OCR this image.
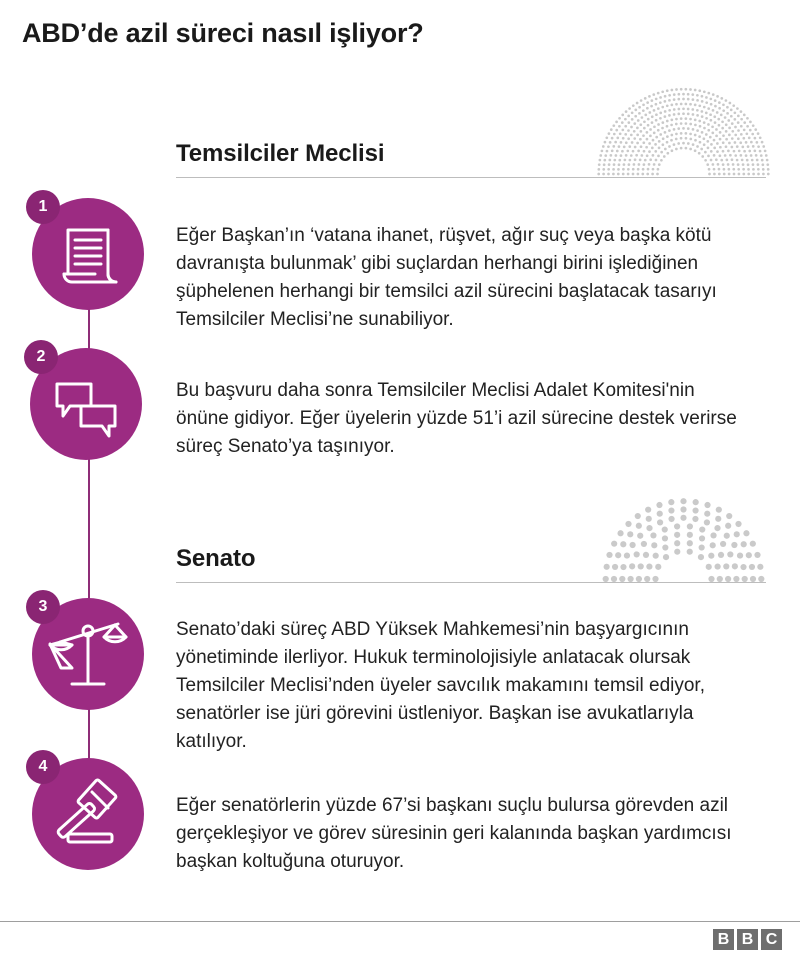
ABD’de azil süreci nasıl işliyor?
Temsilciler Meclisi
Senato
1
2
3
4
Eğer Başkan’ın ‘vatana ihanet, rüşvet, ağır suç veya başka kötü davranışta bulunmak’ gibi suçlardan herhangi birini işlediğinen şüphelenen herhangi bir temsilci azil sürecini başlatacak tasarıyı Temsilciler Meclisi’ne sunabiliyor.
Bu başvuru daha sonra Temsilciler Meclisi Adalet Komitesi'nin önüne gidiyor. Eğer üyelerin yüzde 51’i azil sürecine destek verirse süreç Senato’ya taşınıyor.
Senato’daki süreç ABD Yüksek Mahkemesi’nin başyargıcının yönetiminde ilerliyor. Hukuk terminolojisiyle anlatacak olursak Temsilciler Meclisi’nden üyeler savcılık makamını temsil ediyor, senatörler ise jüri görevini üstleniyor. Başkan ise avukatlarıyla katılıyor.
Eğer senatörlerin yüzde 67’si başkanı suçlu bulursa görevden azil gerçekleşiyor ve görev süresinin geri kalanında başkan yardımcısı başkan koltuğuna oturuyor.
B B C
